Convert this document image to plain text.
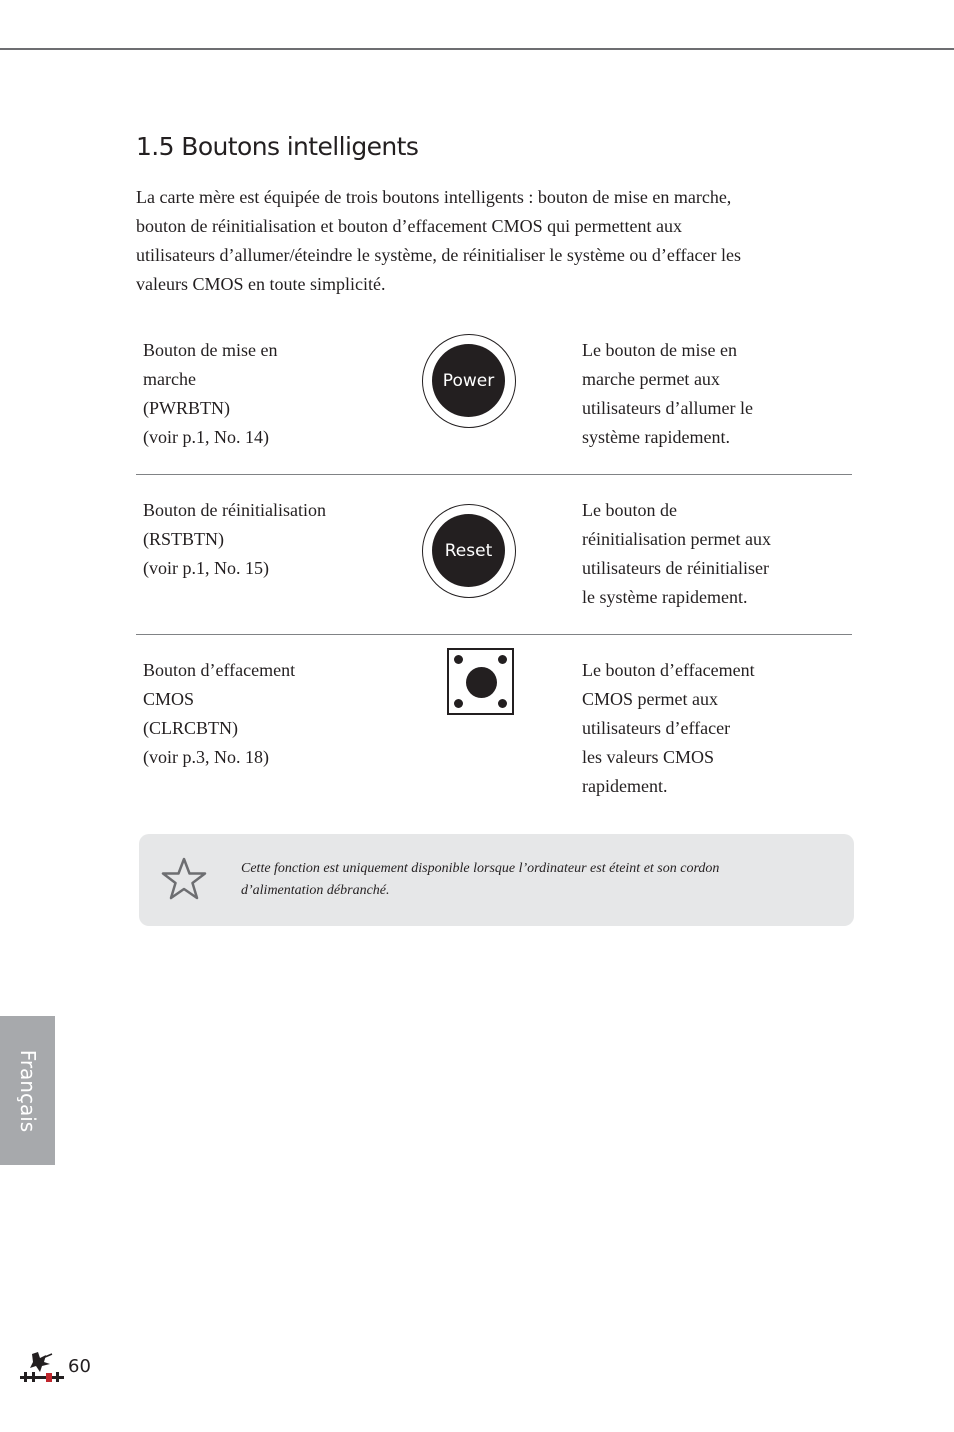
1.5 Boutons intelligents

La carte mère est équipée de trois boutons intelligents : bouton de mise en marche,
bouton de réinitialisation et bouton d’effacement CMOS qui permettent aux
utilisateurs d’allumer/éteindre le système, de réinitialiser le système ou d’effacer les
valeurs CMOS en toute simplicité.

Bouton de mise en
marche
(PWRBTN)
(voir p.1, No. 14)

Power

Le bouton de mise en
marche permet aux
utilisateurs d’allumer le
système rapidement.

Bouton de réinitialisation
(RSTBTN)
(voir p.1, No. 15)

Reset

Le bouton de
réinitialisation permet aux
utilisateurs de réinitialiser
le système rapidement.

Bouton d’effacement
CMOS
(CLRCBTN)
(voir p.3, No. 18)

Le bouton d’effacement
CMOS permet aux
utilisateurs d’effacer
les valeurs CMOS
rapidement.

Cette fonction est uniquement disponible lorsque l’ordinateur est éteint et son cordon
d’alimentation débranché.

Français

60
